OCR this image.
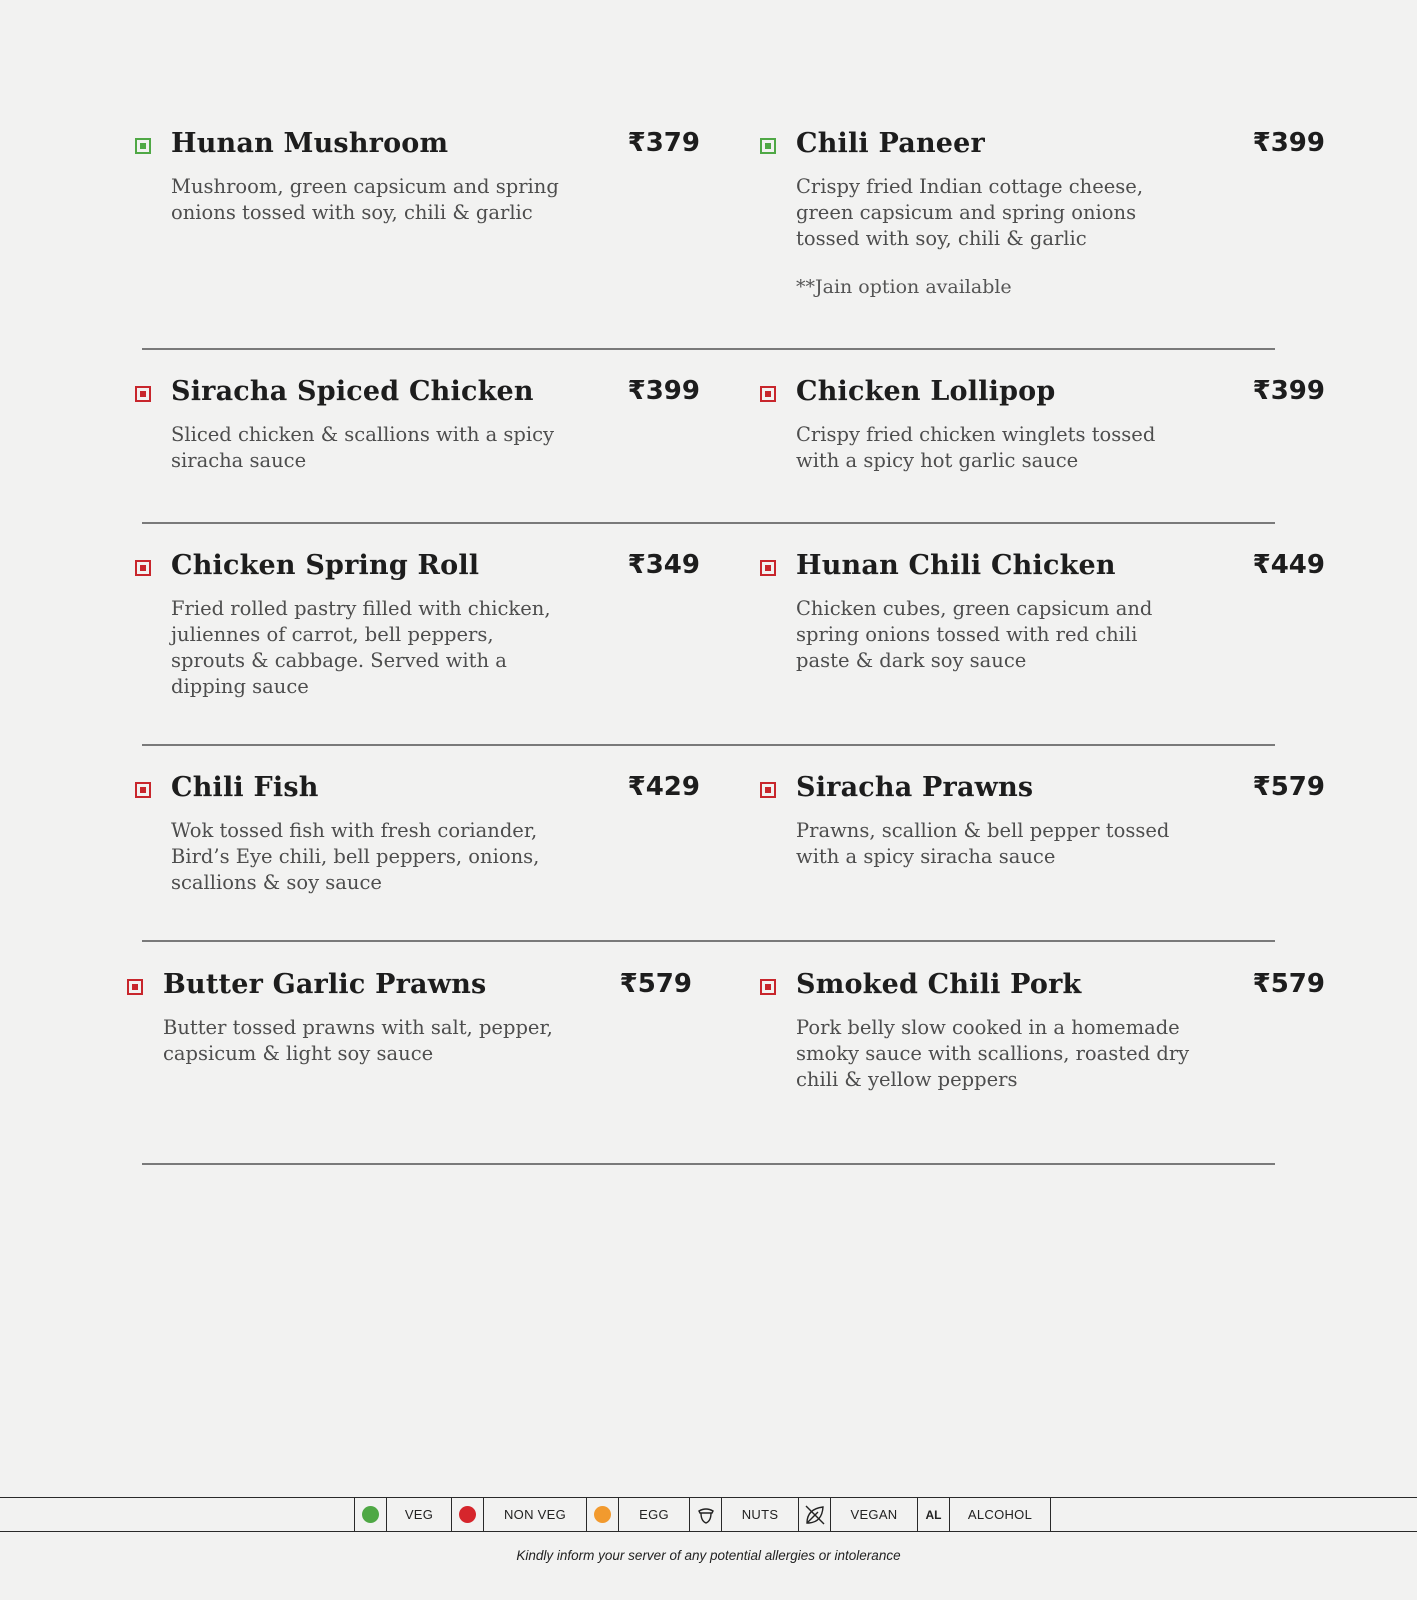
Hunan Mushroom	₹379
Mushroom, green capsicum and spring onions tossed with soy, chili & garlic
Chili Paneer	₹399
Crispy fried Indian cottage cheese, green capsicum and spring onions tossed with soy, chili & garlic
**Jain option available
Siracha Spiced Chicken	₹399
Sliced chicken & scallions with a spicy siracha sauce
Chicken Lollipop	₹399
Crispy fried chicken winglets tossed with a spicy hot garlic sauce
Chicken Spring Roll	₹349
Fried rolled pastry filled with chicken, juliennes of carrot, bell peppers, sprouts & cabbage. Served with a dipping sauce
Hunan Chili Chicken	₹449
Chicken cubes, green capsicum and spring onions tossed with red chili paste & dark soy sauce
Chili Fish	₹429
Wok tossed fish with fresh coriander, Bird’s Eye chili, bell peppers, onions, scallions & soy sauce
Siracha Prawns	₹579
Prawns, scallion & bell pepper tossed with a spicy siracha sauce
Butter Garlic Prawns	₹579
Butter tossed prawns with salt, pepper, capsicum & light soy sauce
Smoked Chili Pork	₹579
Pork belly slow cooked in a homemade smoky sauce with scallions, roasted dry chili & yellow peppers
VEG	NON VEG	EGG	NUTS	VEGAN	AL	ALCOHOL
Kindly inform your server of any potential allergies or intolerance
